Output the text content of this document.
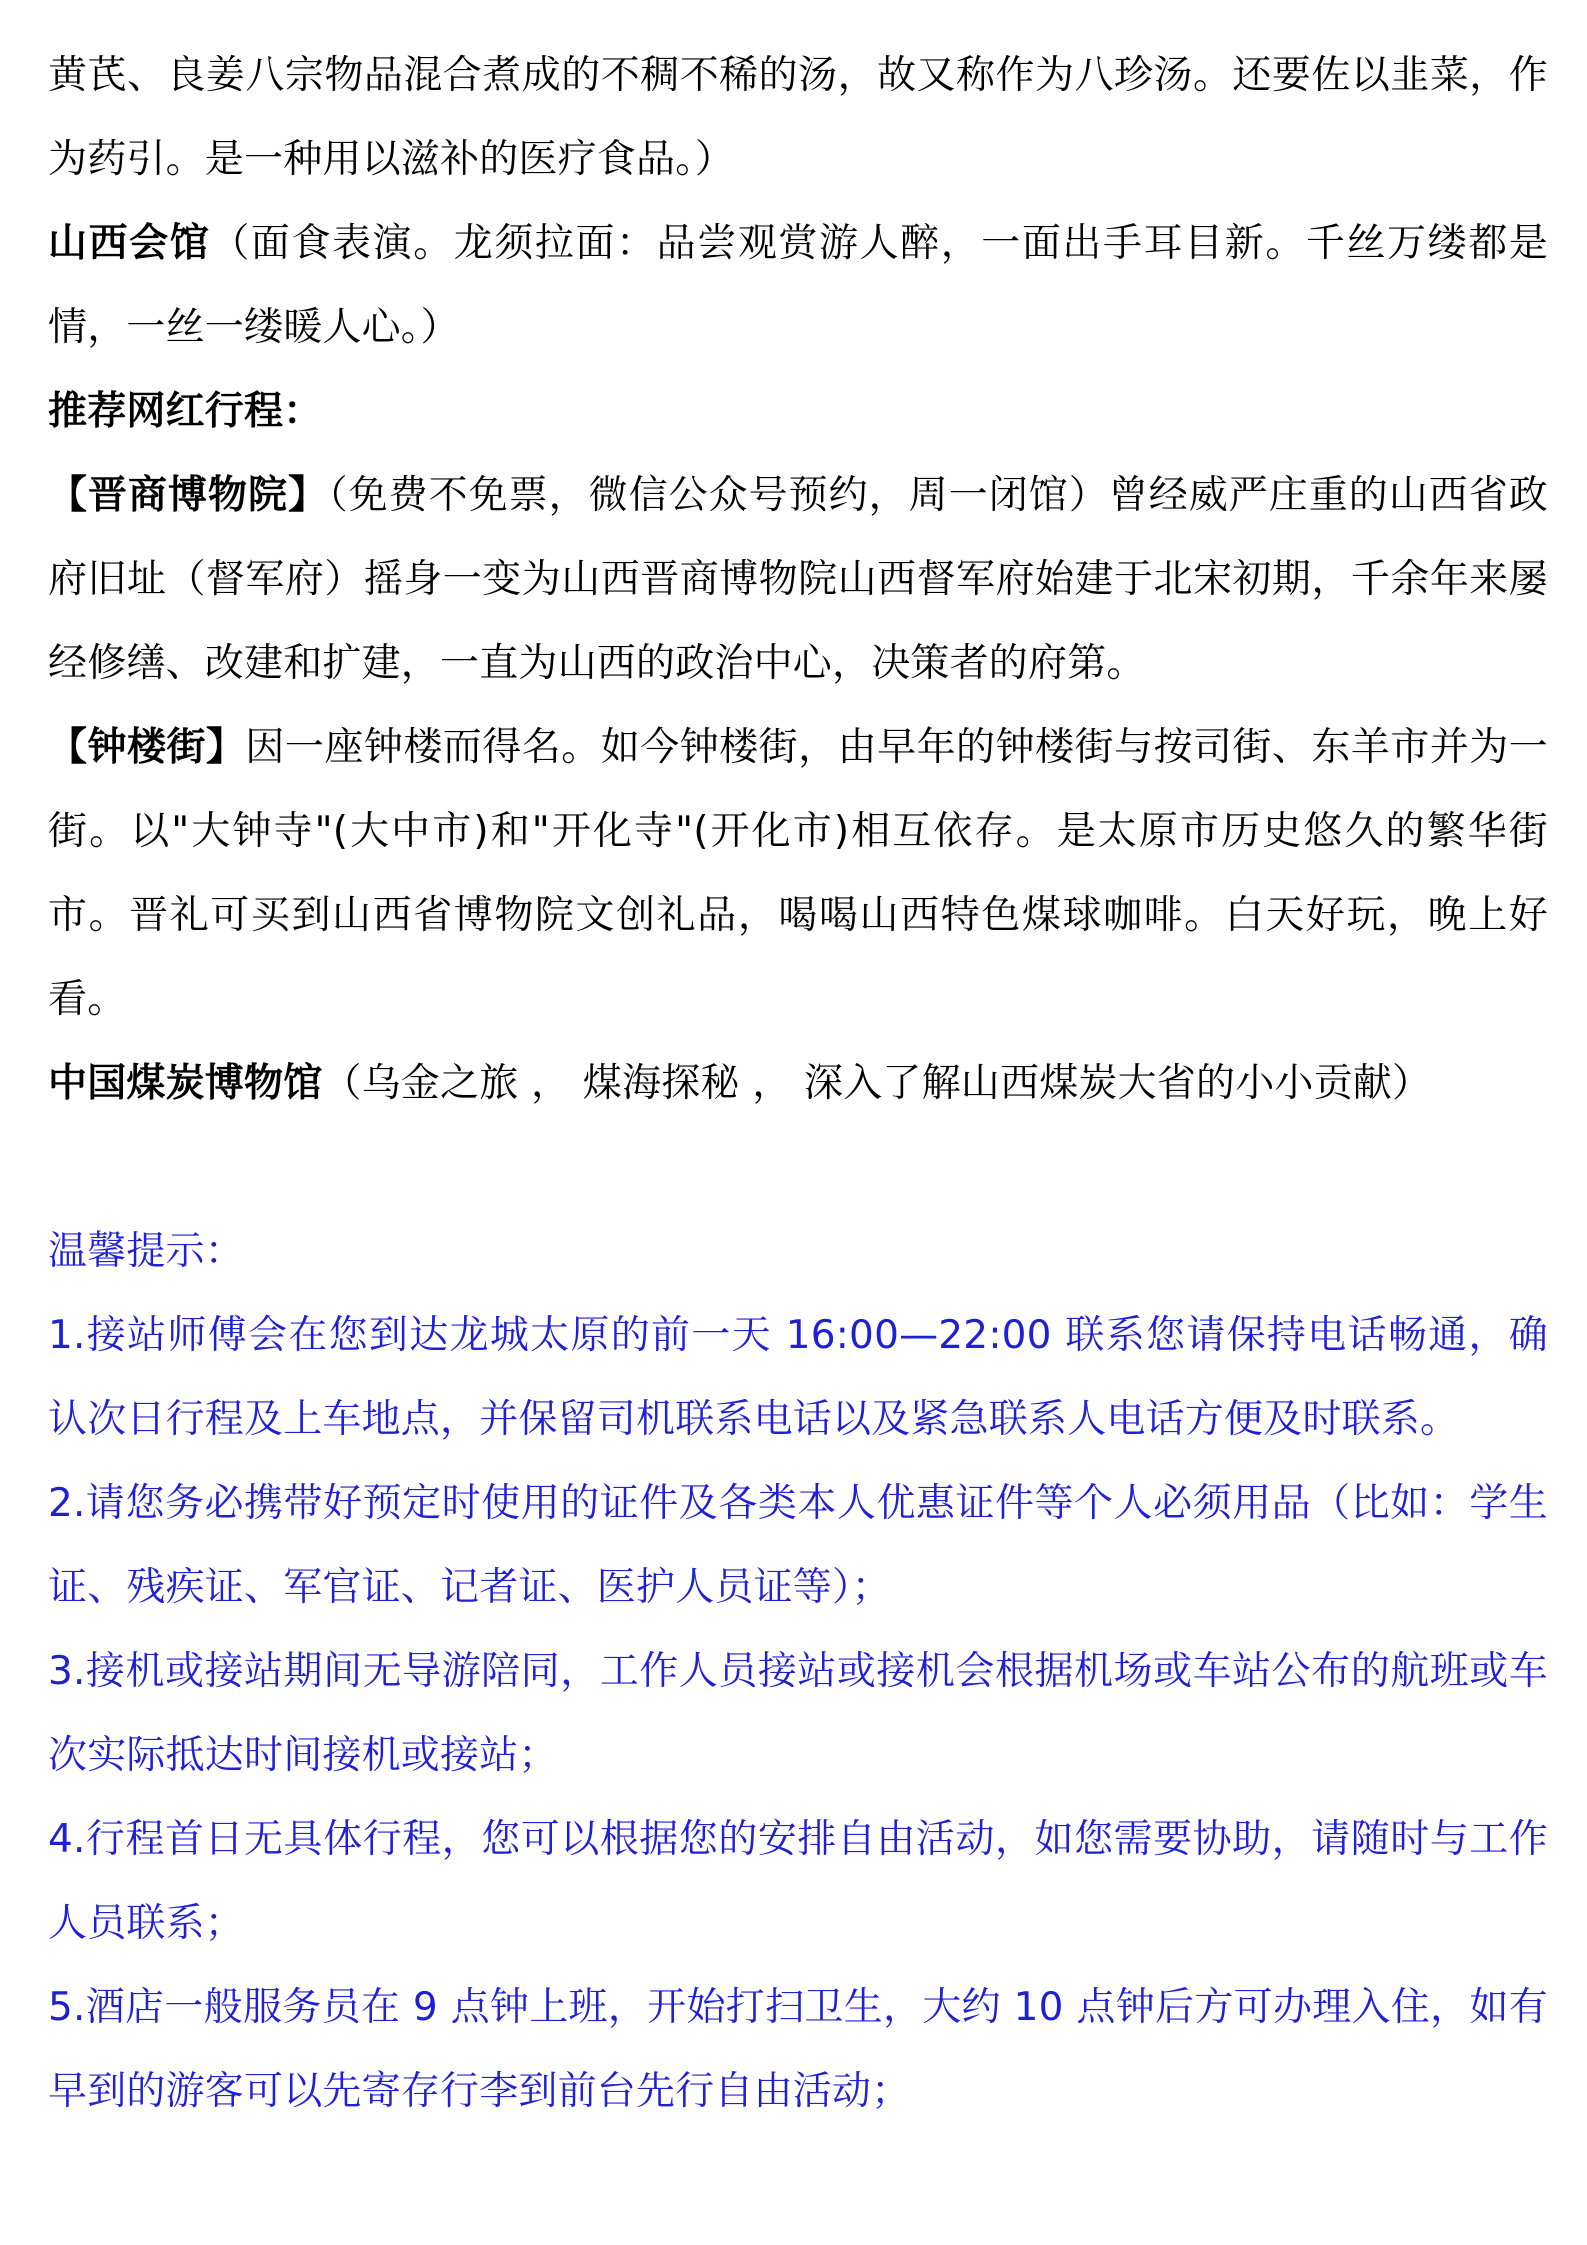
黄芪、良姜八宗物品混合煮成的不稠不稀的汤，故又称作为八珍汤。还要佐以韭菜，作为药引。是一种用以滋补的医疗食品。）

山西会馆（面食表演。龙须拉面：品尝观赏游人醉，一面出手耳目新。千丝万缕都是情，一丝一缕暖人心。）

推荐网红行程：

【晋商博物院】（免费不免票，微信公众号预约，周一闭馆）曾经威严庄重的山西省政府旧址（督军府）摇身一变为山西晋商博物院山西督军府始建于北宋初期，千余年来屡经修缮、改建和扩建，一直为山西的政治中心，决策者的府第。

【钟楼街】因一座钟楼而得名。如今钟楼街，由早年的钟楼街与按司街、东羊市并为一街。以"大钟寺"(大中市)和"开化寺"(开化市)相互依存。是太原市历史悠久的繁华街市。晋礼可买到山西省博物院文创礼品，喝喝山西特色煤球咖啡。白天好玩，晚上好看。

中国煤炭博物馆（乌金之旅 ， 煤海探秘 ， 深入了解山西煤炭大省的小小贡献）

温馨提示：

1.接站师傅会在您到达龙城太原的前一天 16:00—22:00 联系您请保持电话畅通，确认次日行程及上车地点，并保留司机联系电话以及紧急联系人电话方便及时联系。

2.请您务必携带好预定时使用的证件及各类本人优惠证件等个人必须用品（比如：学生证、残疾证、军官证、记者证、医护人员证等）；

3.接机或接站期间无导游陪同，工作人员接站或接机会根据机场或车站公布的航班或车次实际抵达时间接机或接站；

4.行程首日无具体行程，您可以根据您的安排自由活动，如您需要协助，请随时与工作人员联系；

5.酒店一般服务员在 9 点钟上班，开始打扫卫生，大约 10 点钟后方可办理入住，如有早到的游客可以先寄存行李到前台先行自由活动；
